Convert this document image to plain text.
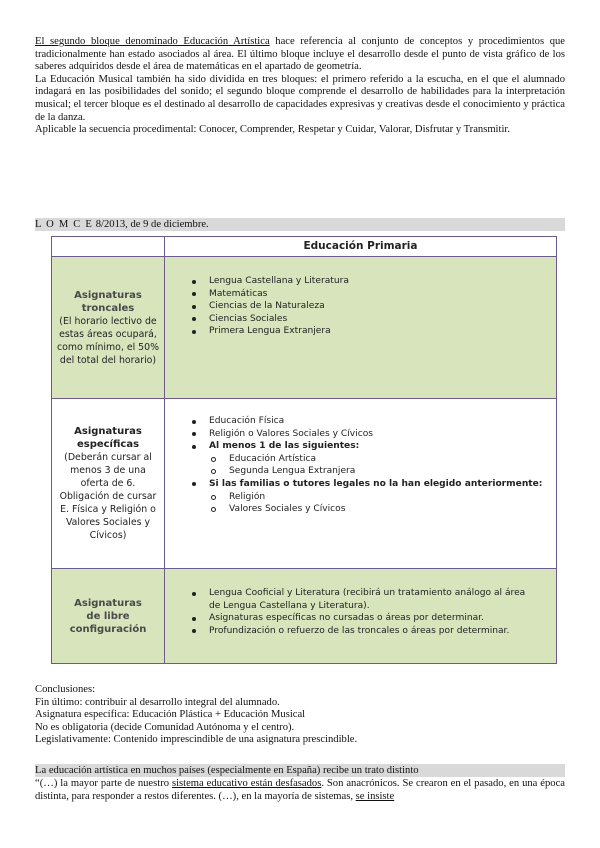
El segundo bloque denominado Educación Artística hace referencia al conjunto de conceptos y procedimientos que tradicionalmente han estado asociados al área. El último bloque incluye el desarrollo desde el punto de vista gráfico de los saberes adquiridos desde el área de matemáticas en el apartado de geometría.

La Educación Musical también ha sido dividida en tres bloques: el primero referido a la escucha, en el que el alumnado indagará en las posibilidades del sonido; el segundo bloque comprende el desarrollo de habilidades para la interpretación musical; el tercer bloque es el destinado al desarrollo de capacidades expresivas y creativas desde el conocimiento y práctica de la danza.

Aplicable la secuencia procedimental: Conocer, Comprender, Respetar y Cuidar, Valorar, Disfrutar y Transmitir.

L O M C E 8/2013, de 9 de diciembre.
Educación Primaria
Asignaturas troncales
(El horario lectivo de estas áreas ocupará, como mínimo, el 50% del total del horario)
Lengua Castellana y Literatura
Matemáticas
Ciencias de la Naturaleza
Ciencias Sociales
Primera Lengua Extranjera
Asignaturas específicas
(Deberán cursar al menos 3 de una oferta de 6.
Obligación de cursar E. Física y Religión o Valores Sociales y Cívicos)
Educación Física
Religión o Valores Sociales y Cívicos
Al menos 1 de las siguientes:
Educación Artística
Segunda Lengua Extranjera
Si las familias o tutores legales no la han elegido anteriormente:
Religión
Valores Sociales y Cívicos
Asignaturas de libre configuración
Lengua Cooficial y Literatura (recibirá un tratamiento análogo al área de Lengua Castellana y Literatura).
Asignaturas específicas no cursadas o áreas por determinar.
Profundización o refuerzo de las troncales o áreas por determinar.
Conclusiones:
Fin último: contribuir al desarrollo integral del alumnado.
Asignatura específica: Educación Plástica + Educación Musical
No es obligatoria (decide Comunidad Autónoma y el centro).
Legislativamente: Contenido imprescindible de una asignatura prescindible.
La educación artística en muchos países (especialmente en España) recibe un trato distinto

“(…) la mayor parte de nuestro sistema educativo están desfasados. Son anacrónicos. Se crearon en el pasado, en una época distinta, para responder a restos diferentes. (…), en la mayoría de sistemas, se insiste
